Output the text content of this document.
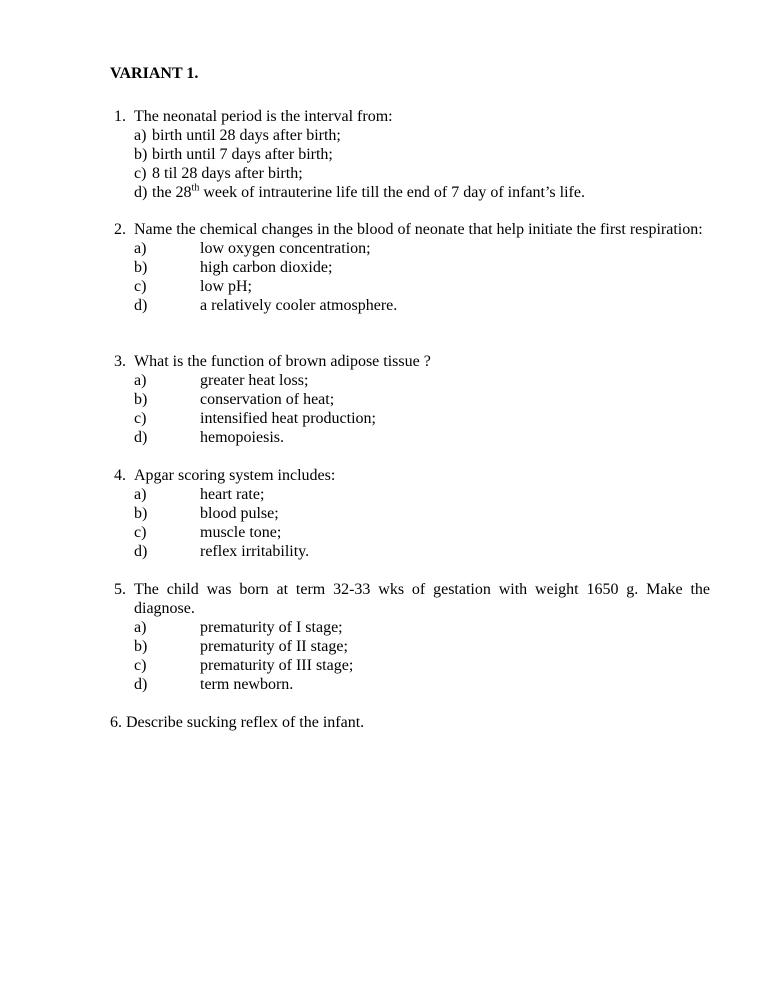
VARIANT 1.
1. The neonatal period is the interval from:
a) birth until 28 days after birth;
b) birth until 7 days after birth;
c) 8 til 28 days after birth;
d) the 28th week of intrauterine life till the end of 7 day of infant’s life.
2. Name the chemical changes in the blood of neonate that help initiate the first respiration:
a)	low oxygen concentration;
b)	high carbon dioxide;
c)	low pH;
d)	a relatively cooler atmosphere.
3. What is the function of brown adipose tissue ?
a)	greater heat loss;
b)	conservation of heat;
c)	intensified heat production;
d)	hemopoiesis.
4. Apgar scoring system includes:
a)	heart rate;
b)	blood pulse;
c)	muscle tone;
d)	reflex irritability.
5. The child was born at term 32-33 wks of gestation with weight 1650 g. Make the diagnose.
a)	prematurity of I stage;
b)	prematurity of II stage;
c)	prematurity of III stage;
d)	term newborn.
6. Describe sucking reflex of the infant.
